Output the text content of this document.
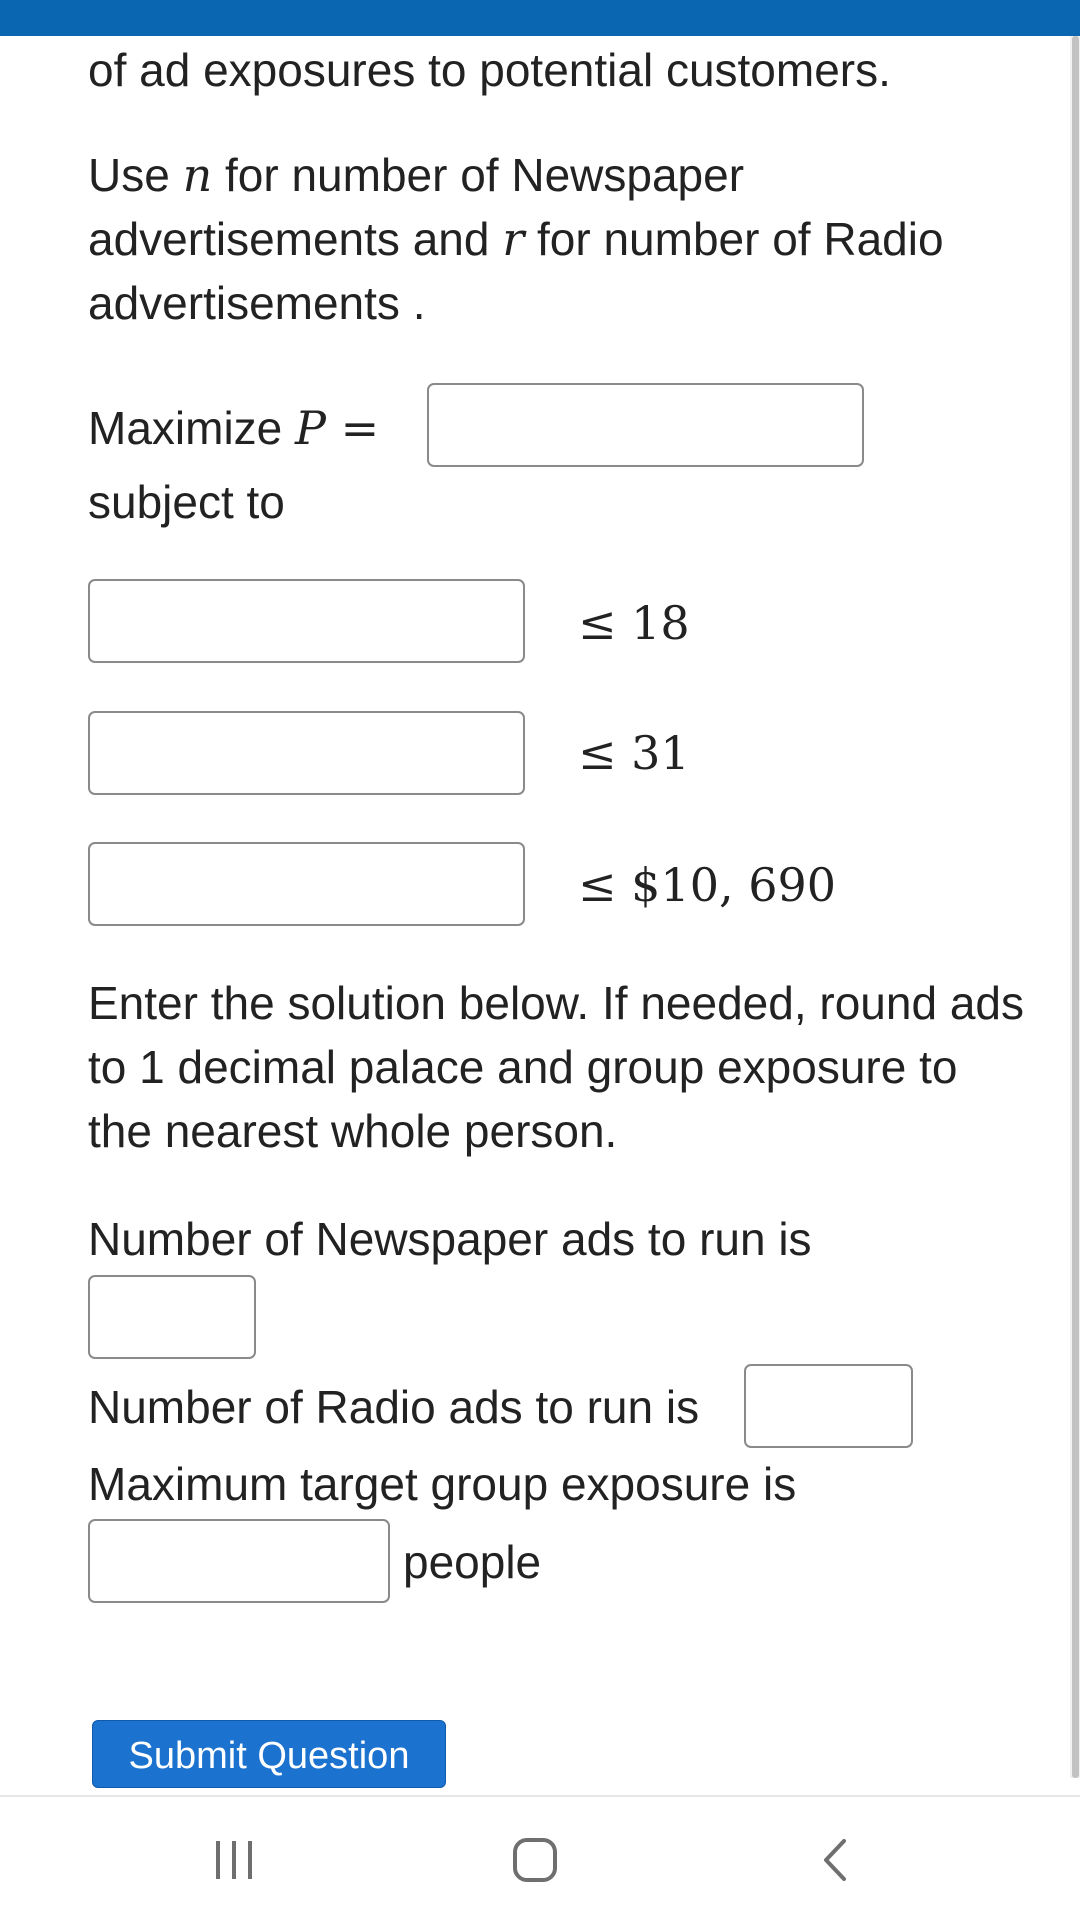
of ad exposures to potential customers.

Use n for number of Newspaper advertisements and r for number of Radio advertisements .

Maximize P =
subject to
≤ 18
≤ 31
≤ $10, 690

Enter the solution below. If needed, round ads to 1 decimal palace and group exposure to the nearest whole person.

Number of Newspaper ads to run is
Number of Radio ads to run is
Maximum target group exposure is
people
Submit Question
